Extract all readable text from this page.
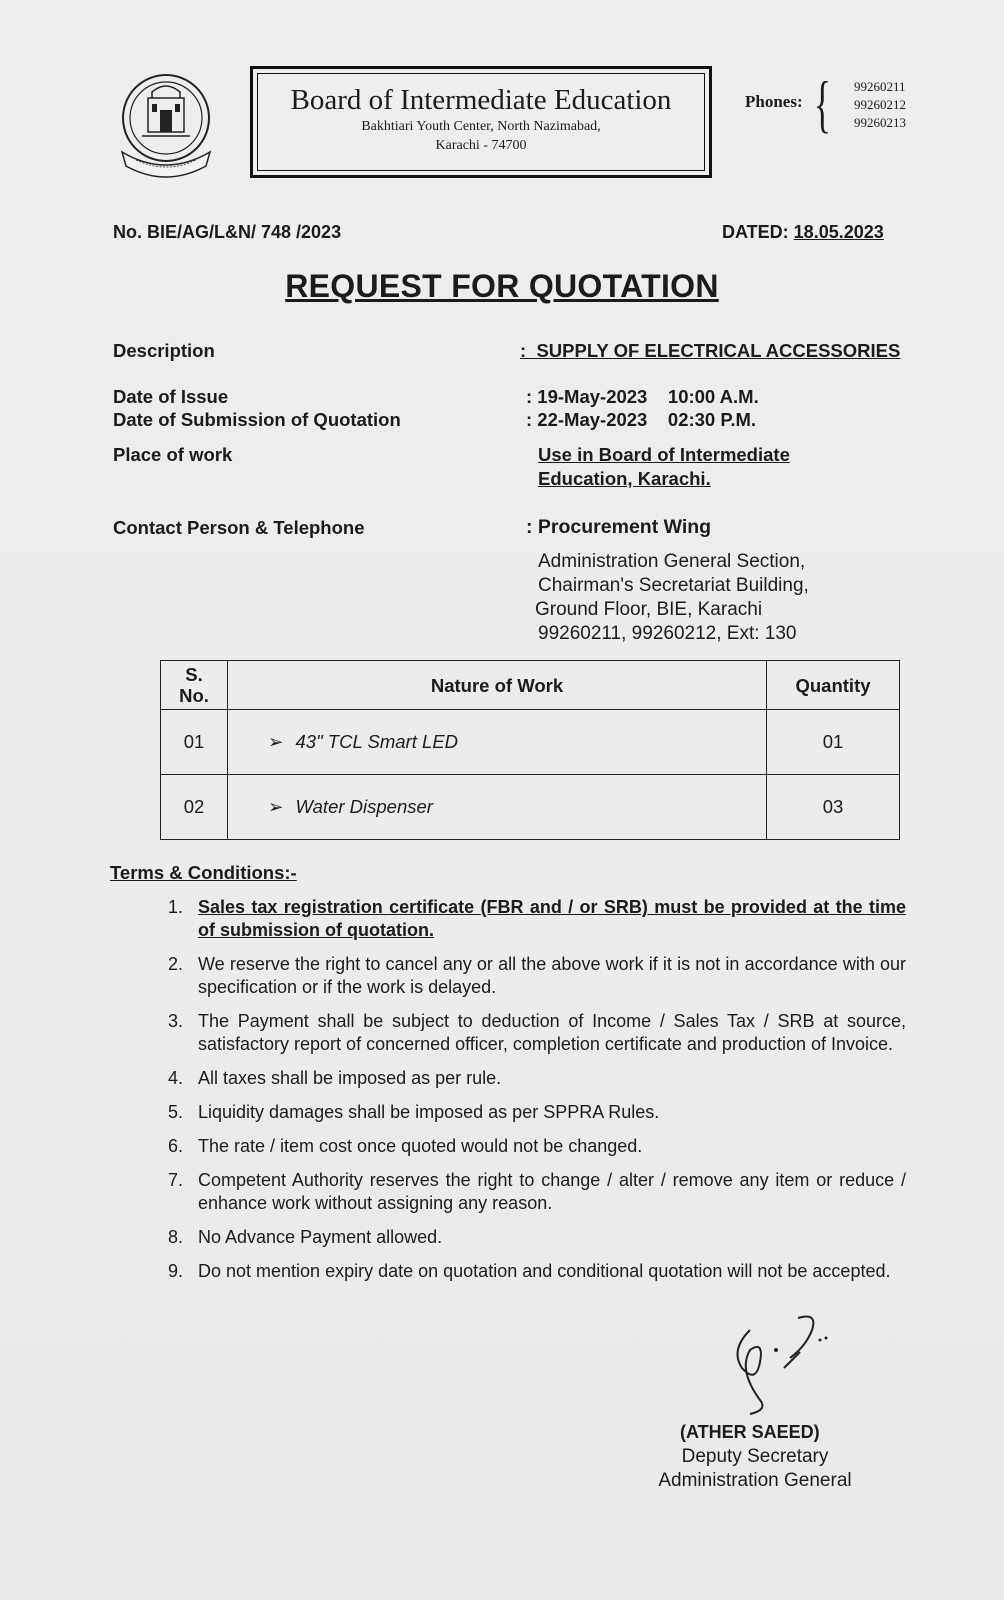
Board of Intermediate Education
Bakhtiari Youth Center, North Nazimabad,
Karachi - 74700
Phones: { 99260211
99260212
99260213
No. BIE/AG/L&N/ 748 /2023	DATED: 18.05.2023
REQUEST FOR QUOTATION
Description	:  SUPPLY OF ELECTRICAL ACCESSORIES
Date of Issue	: 19-May-2023    10:00 A.M.
Date of Submission of Quotation	: 22-May-2023    02:30 P.M.
Place of work	Use in Board of Intermediate
Education, Karachi.
Contact Person & Telephone	: Procurement Wing
Administration General Section,
Chairman's Secretariat Building,
Ground Floor, BIE, Karachi
99260211, 99260212, Ext: 130
S.
No.	Nature of Work	Quantity
01	➢ 43" TCL Smart LED	01
02	➢ Water Dispenser	03
Terms & Conditions:-
1. Sales tax registration certificate (FBR and / or SRB) must be provided at the time of submission of quotation.
2. We reserve the right to cancel any or all the above work if it is not in accordance with our specification or if the work is delayed.
3. The Payment shall be subject to deduction of Income / Sales Tax / SRB at source, satisfactory report of concerned officer, completion certificate and production of Invoice.
4. All taxes shall be imposed as per rule.
5. Liquidity damages shall be imposed as per SPPRA Rules.
6. The rate / item cost once quoted would not be changed.
7. Competent Authority reserves the right to change / alter / remove any item or reduce / enhance work without assigning any reason.
8. No Advance Payment allowed.
9. Do not mention expiry date on quotation and conditional quotation will not be accepted.
(ATHER SAEED)
Deputy Secretary
Administration General
